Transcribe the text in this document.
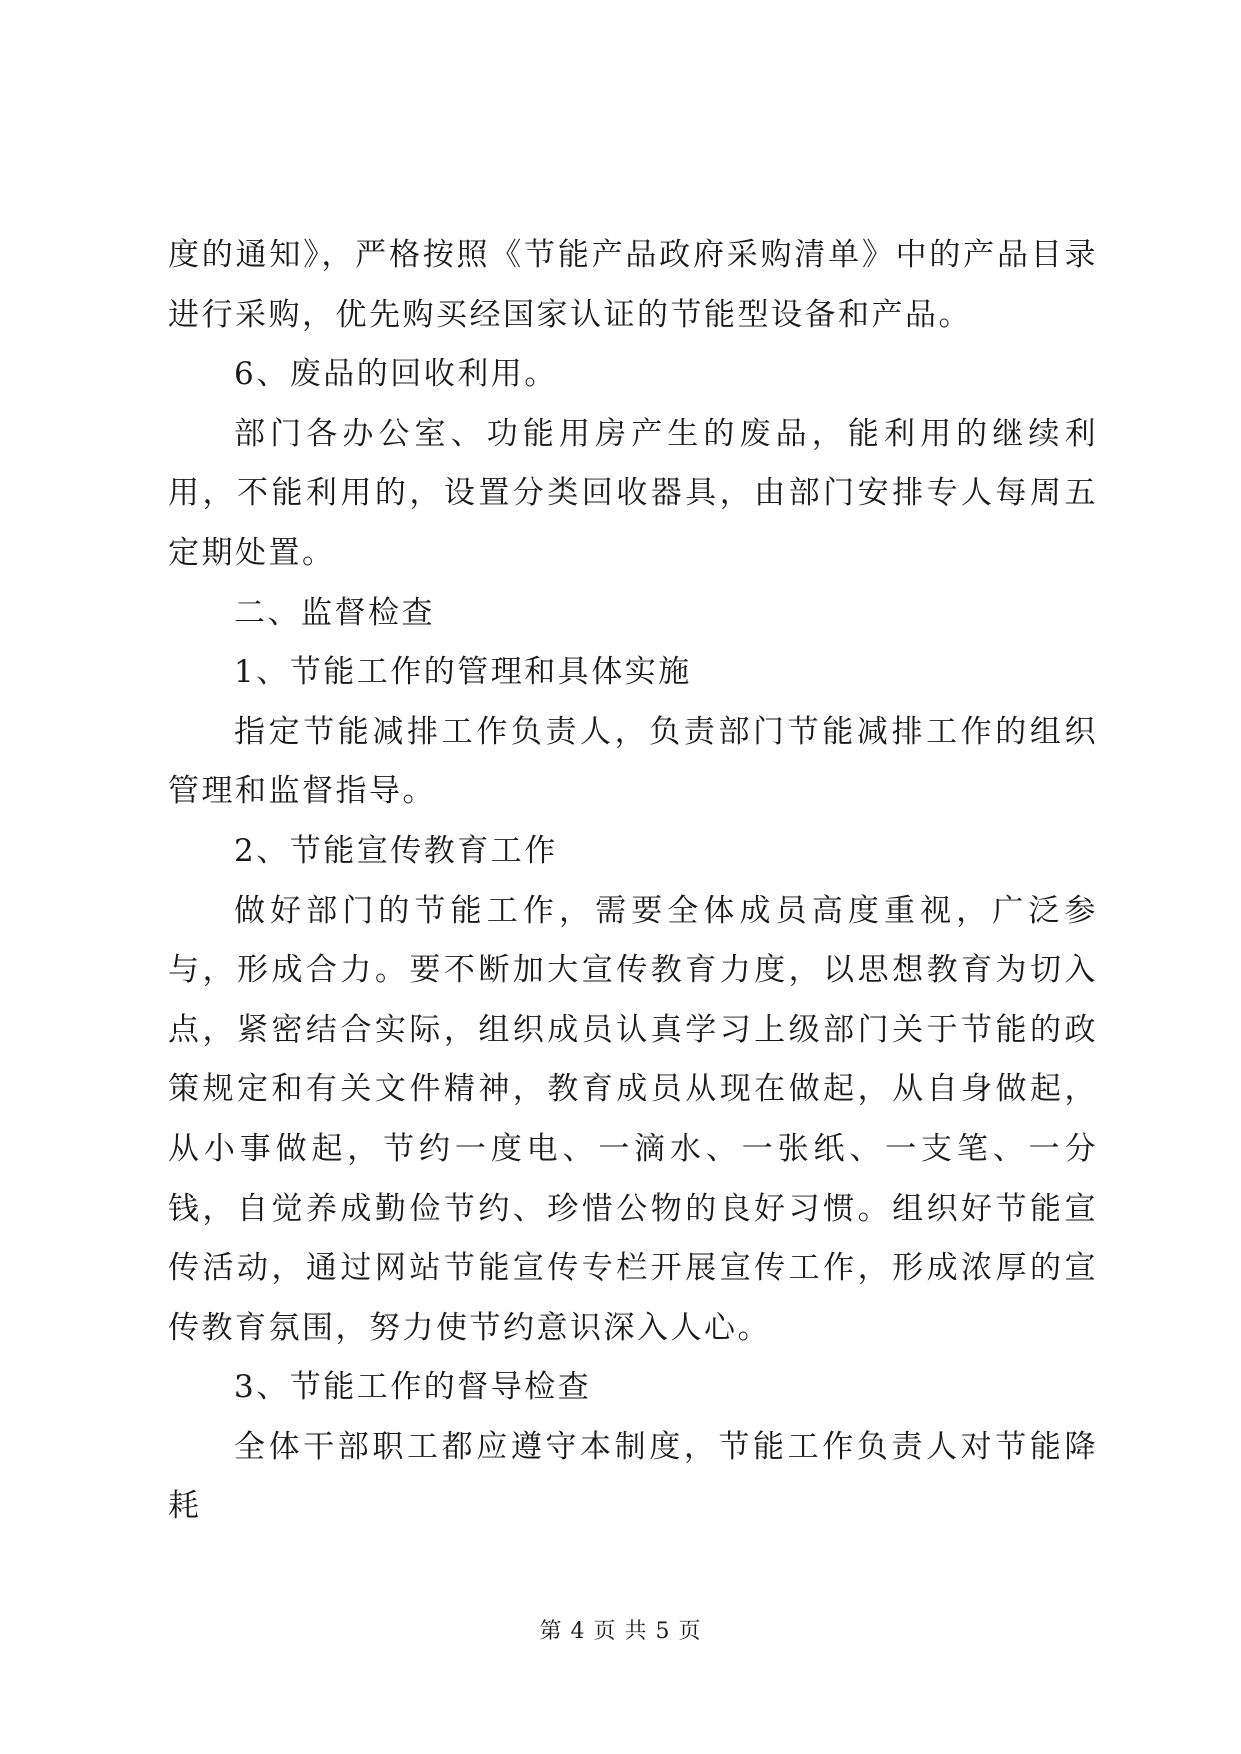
度的通知》，严格按照《节能产品政府采购清单》中的产品目录进行采购，优先购买经国家认证的节能型设备和产品。

6、废品的回收利用。

部门各办公室、功能用房产生的废品，能利用的继续利用，不能利用的，设置分类回收器具，由部门安排专人每周五定期处置。

二、监督检查

1、节能工作的管理和具体实施

指定节能减排工作负责人，负责部门节能减排工作的组织管理和监督指导。

2、节能宣传教育工作

做好部门的节能工作，需要全体成员高度重视，广泛参与，形成合力。要不断加大宣传教育力度，以思想教育为切入点，紧密结合实际，组织成员认真学习上级部门关于节能的政策规定和有关文件精神，教育成员从现在做起，从自身做起，从小事做起，节约一度电、一滴水、一张纸、一支笔、一分钱，自觉养成勤俭节约、珍惜公物的良好习惯。组织好节能宣传活动，通过网站节能宣传专栏开展宣传工作，形成浓厚的宣传教育氛围，努力使节约意识深入人心。

3、节能工作的督导检查

全体干部职工都应遵守本制度，节能工作负责人对节能降耗

第 4 页 共 5 页
